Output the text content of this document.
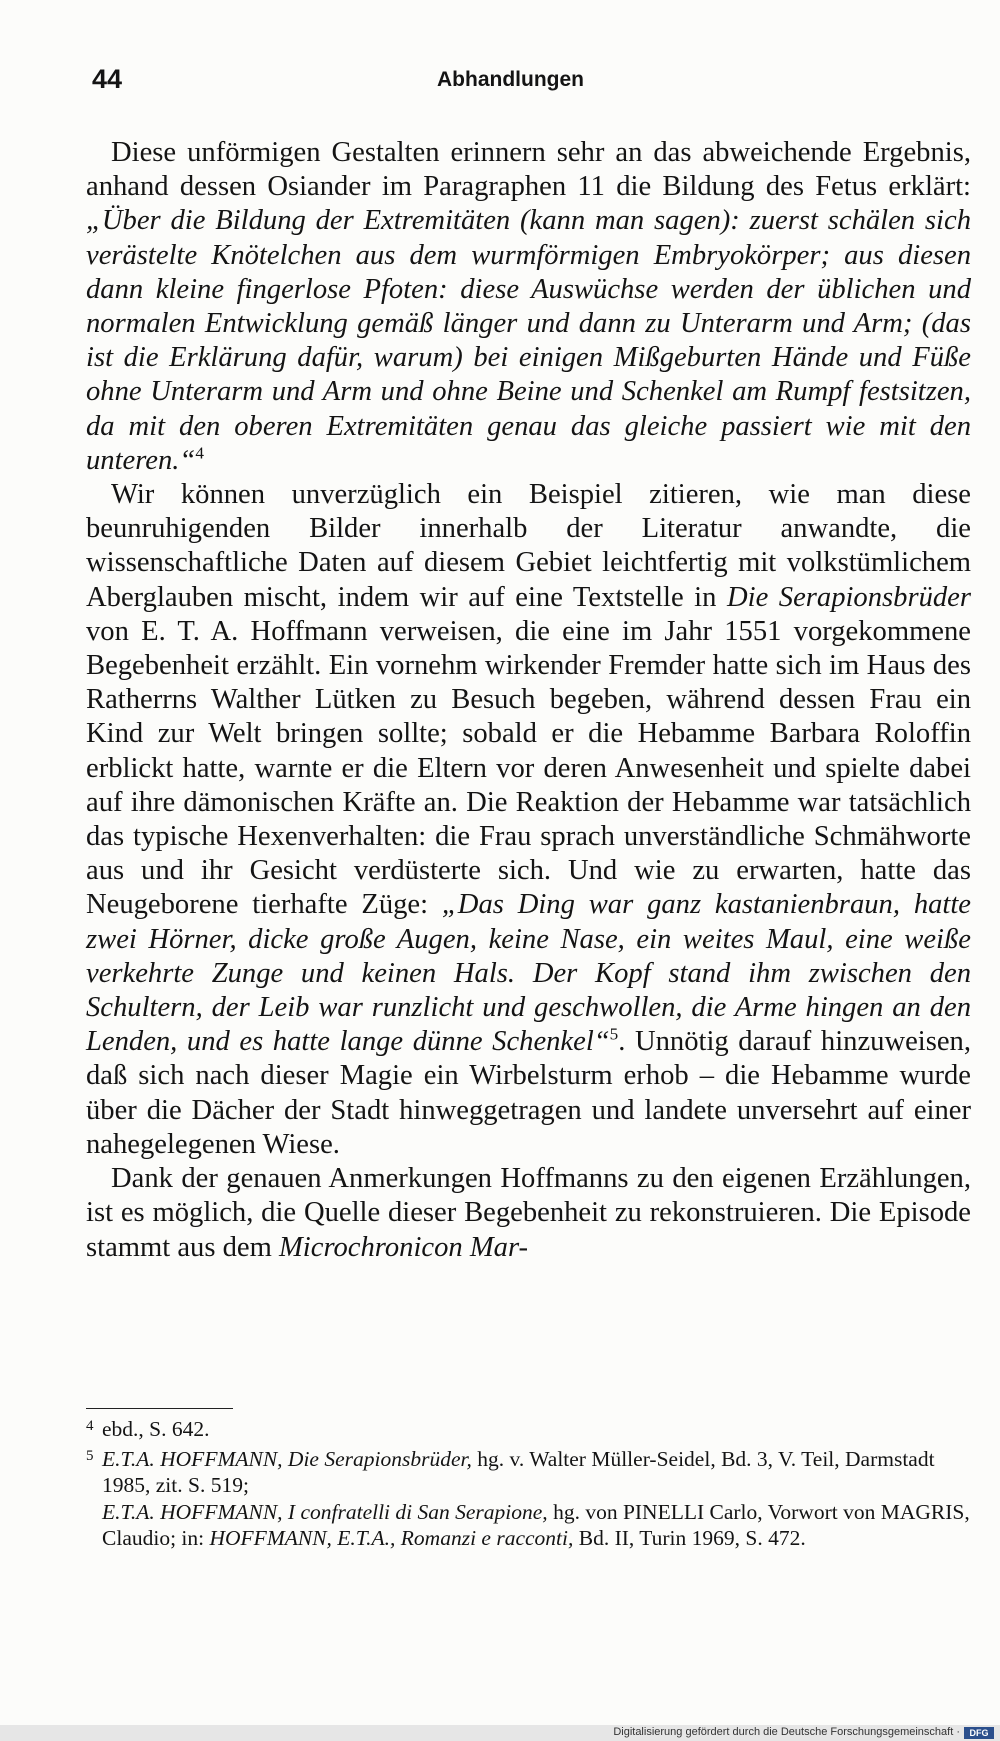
44	Abhandlungen

Diese unförmigen Gestalten erinnern sehr an das abweichende Ergebnis, anhand dessen Osiander im Paragraphen 11 die Bildung des Fetus erklärt: „Über die Bildung der Extremitäten (kann man sagen): zuerst schälen sich verästelte Knötelchen aus dem wurmförmigen Embryokörper; aus diesen dann kleine fingerlose Pfoten: diese Auswüchse werden der üblichen und normalen Entwicklung gemäß länger und dann zu Unterarm und Arm; (das ist die Erklärung dafür, warum) bei einigen Mißgeburten Hände und Füße ohne Unterarm und Arm und ohne Beine und Schenkel am Rumpf festsitzen, da mit den oberen Extremitäten genau das gleiche passiert wie mit den unteren.“$^4$

Wir können unverzüglich ein Beispiel zitieren, wie man diese beunruhigenden Bilder innerhalb der Literatur anwandte, die wissenschaftliche Daten auf diesem Gebiet leichtfertig mit volkstümlichem Aberglauben mischt, indem wir auf eine Textstelle in Die Serapionsbrüder von E. T. A. Hoffmann verweisen, die eine im Jahr 1551 vorgekommene Begebenheit erzählt. Ein vornehm wirkender Fremder hatte sich im Haus des Ratherrns Walther Lütken zu Besuch begeben, während dessen Frau ein Kind zur Welt bringen sollte; sobald er die Hebamme Barbara Roloffin erblickt hatte, warnte er die Eltern vor deren Anwesenheit und spielte dabei auf ihre dämonischen Kräfte an. Die Reaktion der Hebamme war tatsächlich das typische Hexenverhalten: die Frau sprach unverständliche Schmähworte aus und ihr Gesicht verdüsterte sich. Und wie zu erwarten, hatte das Neugeborene tierhafte Züge: „Das Ding war ganz kastanienbraun, hatte zwei Hörner, dicke große Augen, keine Nase, ein weites Maul, eine weiße verkehrte Zunge und keinen Hals. Der Kopf stand ihm zwischen den Schultern, der Leib war runzlicht und geschwollen, die Arme hingen an den Lenden, und es hatte lange dünne Schenkel“$^5$. Unnötig darauf hinzuweisen, daß sich nach dieser Magie ein Wirbelsturm erhob – die Hebamme wurde über die Dächer der Stadt hinweggetragen und landete unversehrt auf einer nahegelegenen Wiese.

Dank der genauen Anmerkungen Hoffmanns zu den eigenen Erzählungen, ist es möglich, die Quelle dieser Begebenheit zu rekonstruieren. Die Episode stammt aus dem Microchronicon Mar-

4 ebd., S. 642.
5 E.T.A. HOFFMANN, Die Serapionsbrüder, hg. v. Walter Müller-Seidel, Bd. 3, V. Teil, Darmstadt 1985, zit. S. 519;
E.T.A. HOFFMANN, I confratelli di San Serapione, hg. von PINELLI Carlo, Vorwort von MAGRIS, Claudio; in: HOFFMANN, E.T.A., Romanzi e racconti, Bd. II, Turin 1969, S. 472.
Digitalisierung gefördert durch die Deutsche Forschungsgemeinschaft ·	DFG
